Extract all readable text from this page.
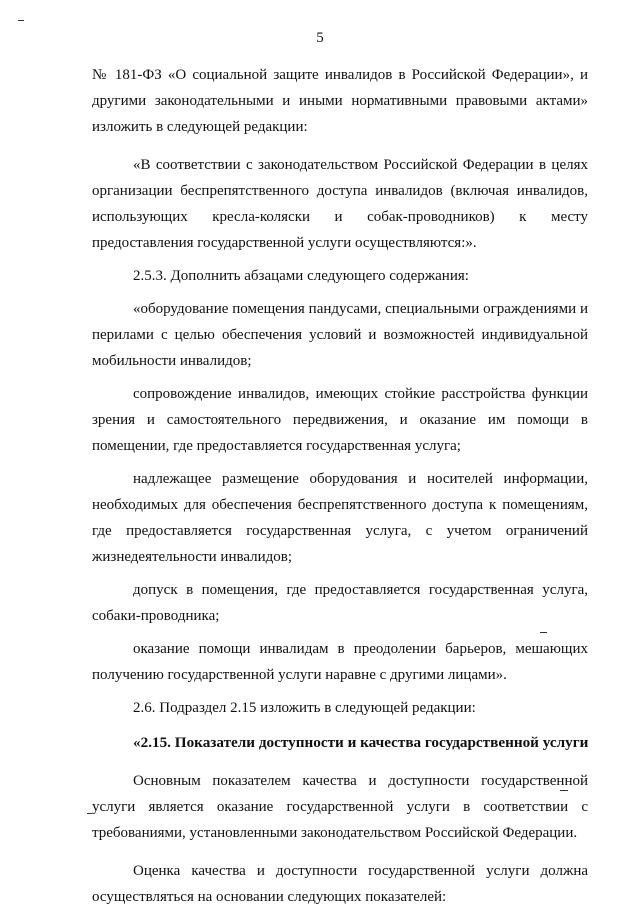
5

№ 181-ФЗ «О социальной защите инвалидов в Российской Федерации», и другими законодательными и иными нормативными правовыми актами» изложить в следующей редакции:

«В соответствии с законодательством Российской Федерации в целях организации беспрепятственного доступа инвалидов (включая инвалидов, использующих кресла-коляски и собак-проводников) к месту предоставления государственной услуги осуществляются:».

2.5.3. Дополнить абзацами следующего содержания:

«оборудование помещения пандусами, специальными ограждениями и перилами с целью обеспечения условий и возможностей индивидуальной мобильности инвалидов;

сопровождение инвалидов, имеющих стойкие расстройства функции зрения и самостоятельного передвижения, и оказание им помощи в помещении, где предоставляется государственная услуга;

надлежащее размещение оборудования и носителей информации, необходимых для обеспечения беспрепятственного доступа к помещениям, где предоставляется государственная услуга, с учетом ограничений жизнедеятельности инвалидов;

допуск в помещения, где предоставляется государственная услуга, собаки-проводника;

оказание помощи инвалидам в преодолении барьеров, мешающих получению государственной услуги наравне с другими лицами».

2.6. Подраздел 2.15 изложить в следующей редакции:

«2.15. Показатели доступности и качества государственной услуги

Основным показателем качества и доступности государственной услуги является оказание государственной услуги в соответствии с требованиями, установленными законодательством Российской Федерации.

Оценка качества и доступности государственной услуги должна осуществляться на основании следующих показателей:
